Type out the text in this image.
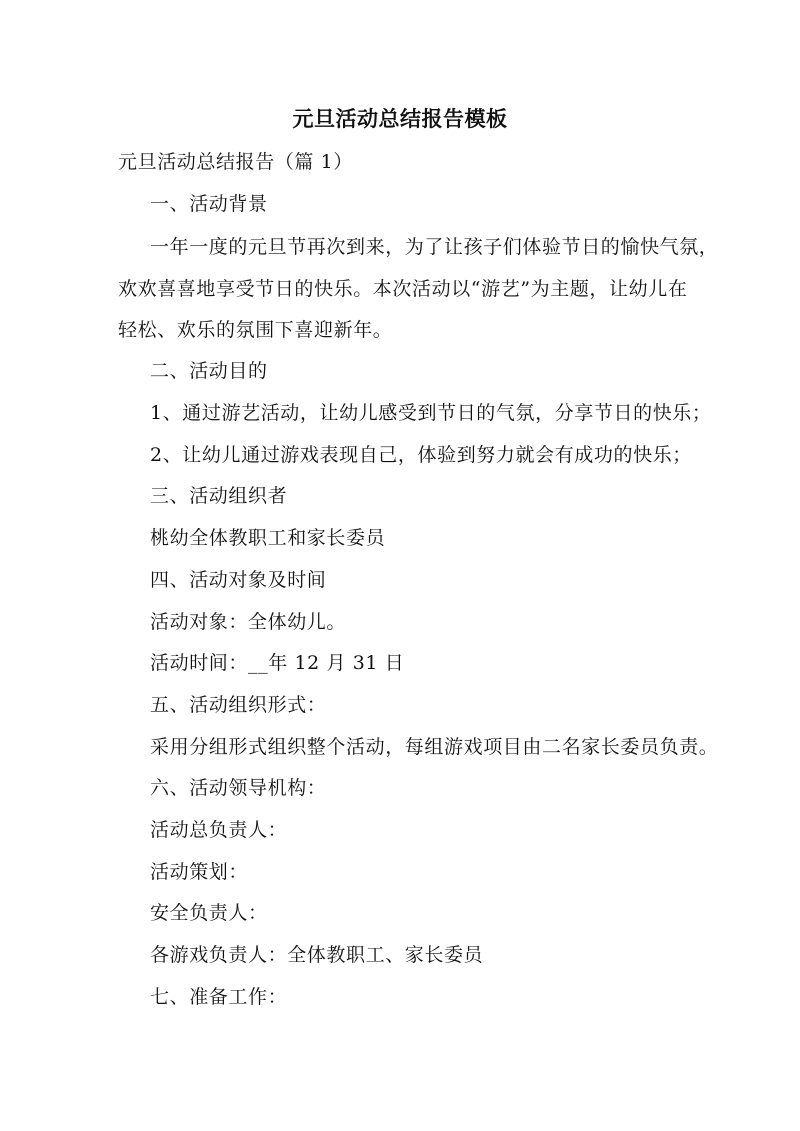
元旦活动总结报告模板
元旦活动总结报告（篇 1）
一、活动背景
一年一度的元旦节再次到来，为了让孩子们体验节日的愉快气氛，
欢欢喜喜地享受节日的快乐。本次活动以“游艺”为主题，让幼儿在
轻松、欢乐的氛围下喜迎新年。
二、活动目的
1、通过游艺活动，让幼儿感受到节日的气氛，分享节日的快乐；
2、让幼儿通过游戏表现自己，体验到努力就会有成功的快乐；
三、活动组织者
桃幼全体教职工和家长委员
四、活动对象及时间
活动对象：全体幼儿。
活动时间：__年 12 月 31 日
五、活动组织形式：
采用分组形式组织整个活动，每组游戏项目由二名家长委员负责。
六、活动领导机构：
活动总负责人：
活动策划：
安全负责人：
各游戏负责人：全体教职工、家长委员
七、准备工作：
